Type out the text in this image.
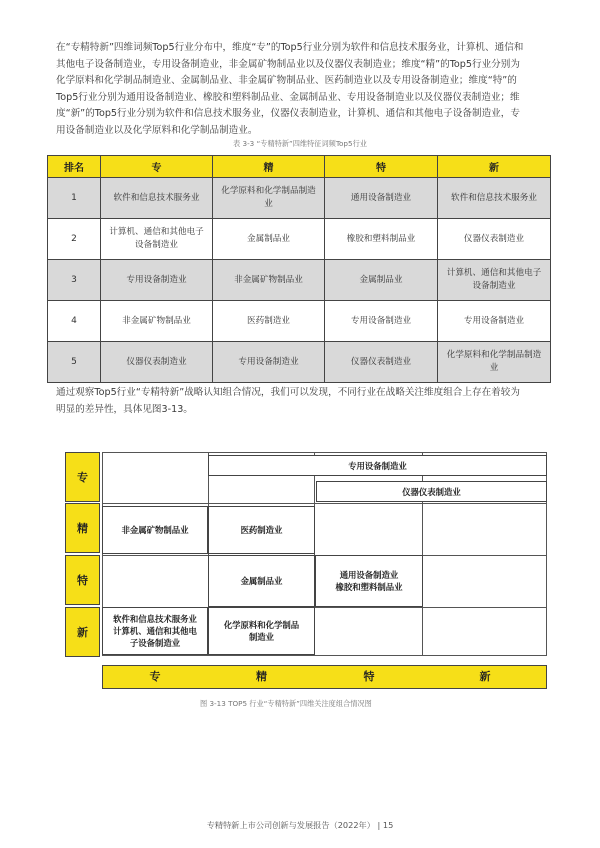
在“专精特新”四维词频Top5行业分布中，维度“专”的Top5行业分别为软件和信息技术服务业，计算机、通信和
其他电子设备制造业，专用设备制造业，非金属矿物制品业以及仪器仪表制造业；维度“精”的Top5行业分别为
化学原料和化学制品制造业、金属制品业、非金属矿物制品业、医药制造业以及专用设备制造业；维度“特”的
Top5行业分别为通用设备制造业、橡胶和塑料制品业、金属制品业、专用设备制造业以及仪器仪表制造业；维
度“新”的Top5行业分别为软件和信息技术服务业，仪器仪表制造业，计算机、通信和其他电子设备制造业，专
用设备制造业以及化学原料和化学制品制造业。
表 3-3 “专精特新”四维特征词频Top5行业
排名	专	精	特	新
1	软件和信息技术服务业	化学原料和化学制品制造业	通用设备制造业	软件和信息技术服务业
2	计算机、通信和其他电子设备制造业	金属制品业	橡胶和塑料制品业	仪器仪表制造业
3	专用设备制造业	非金属矿物制品业	金属制品业	计算机、通信和其他电子设备制造业
4	非金属矿物制品业	医药制造业	专用设备制造业	专用设备制造业
5	仪器仪表制造业	专用设备制造业	仪器仪表制造业	化学原料和化学制品制造业
通过观察Top5行业“专精特新”战略认知组合情况，我们可以发现，不同行业在战略关注维度组合上存在着较为
明显的差异性，具体见图3-13。
专
精
特
新
专用设备制造业
仪器仪表制造业
非金属矿物制品业	医药制造业
金属制品业
通用设备制造业
橡胶和塑料制品业
软件和信息技术服务业
计算机、通信和其他电
子设备制造业
化学原料和化学制品
制造业
专	精	特	新
图 3-13 TOP5 行业“专精特新”四维关注度组合情况图
专精特新上市公司创新与发展报告（2022年） | 15
